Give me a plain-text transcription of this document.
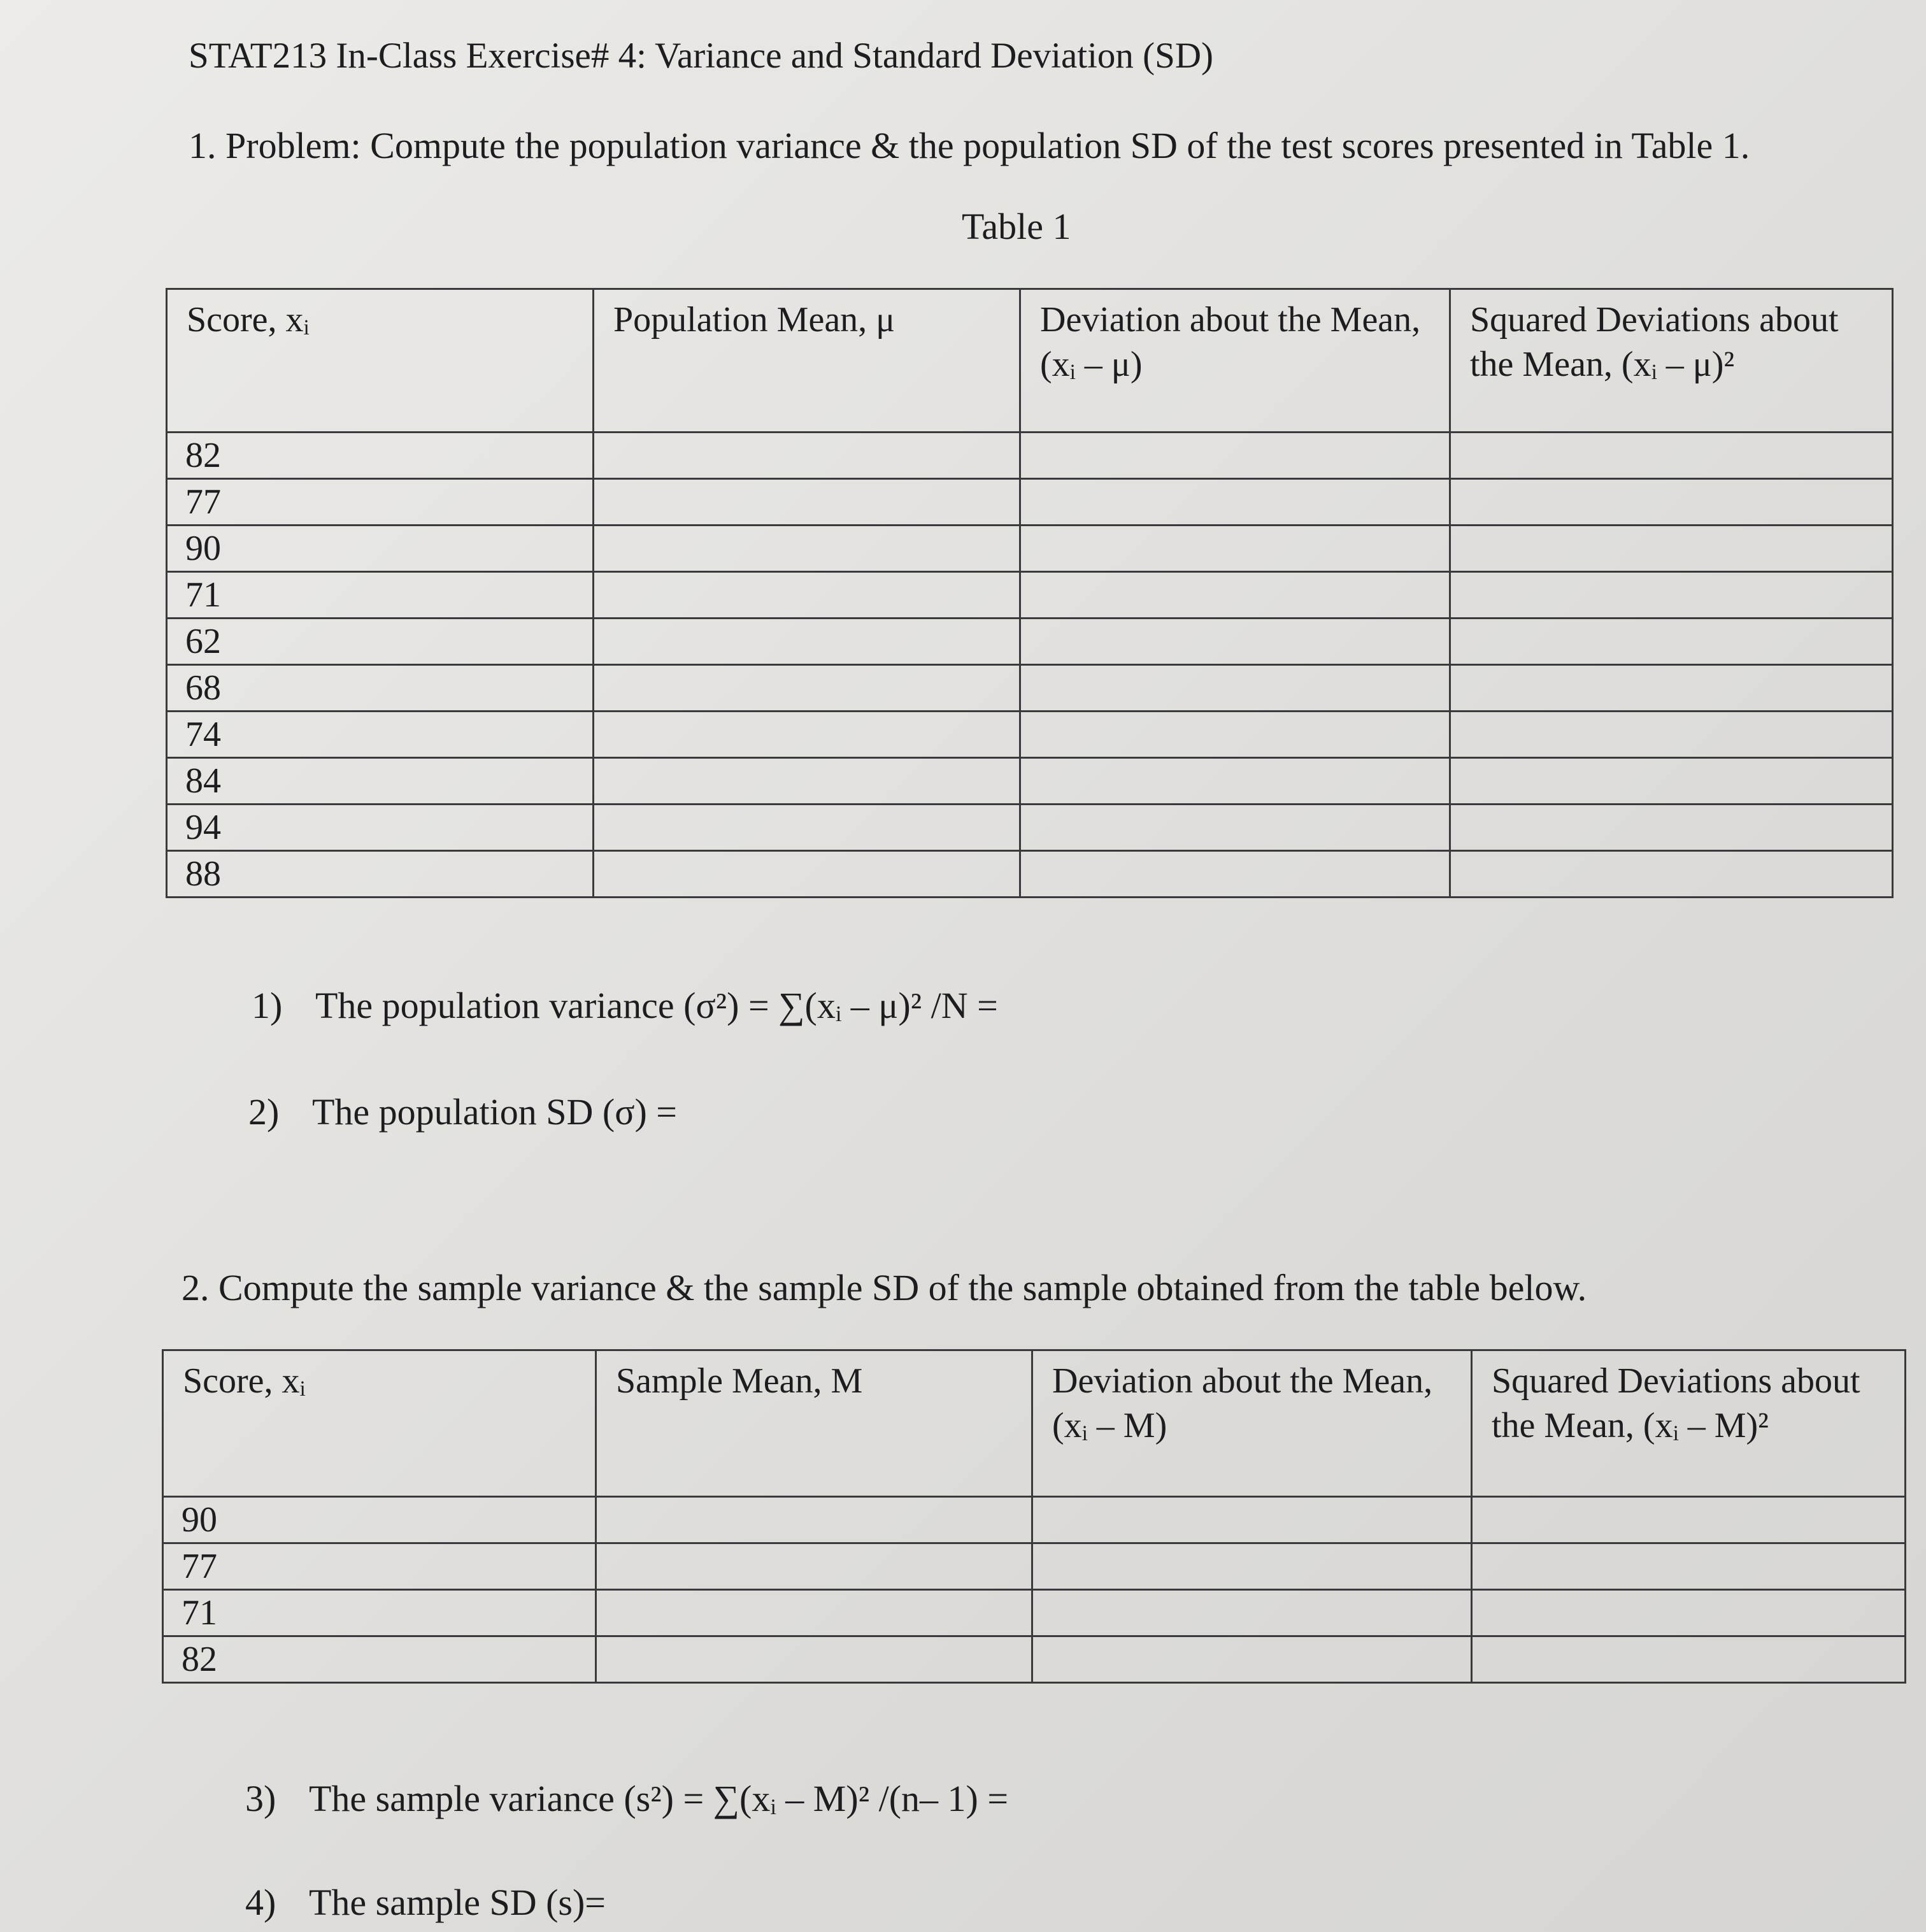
STAT213 In-Class Exercise# 4: Variance and Standard Deviation (SD)
1. Problem: Compute the population variance & the population SD of the test scores presented in Table 1.
Table 1
Score, xᵢ	Population Mean, μ	Deviation about the Mean, (xᵢ – μ)	Squared Deviations about the Mean, (xᵢ – μ)²
82			
77			
90			
71			
62			
68			
74			
84			
94			
88			
1) The population variance (σ²) = ∑(xᵢ – μ)² /N =
2) The population SD (σ) =
2. Compute the sample variance & the sample SD of the sample obtained from the table below.
Score, xᵢ	Sample Mean, M	Deviation about the Mean, (xᵢ – M)	Squared Deviations about the Mean, (xᵢ – M)²
90			
77			
71			
82			
3) The sample variance (s²) = ∑(xᵢ – M)² /(n– 1) =
4) The sample SD (s)=
